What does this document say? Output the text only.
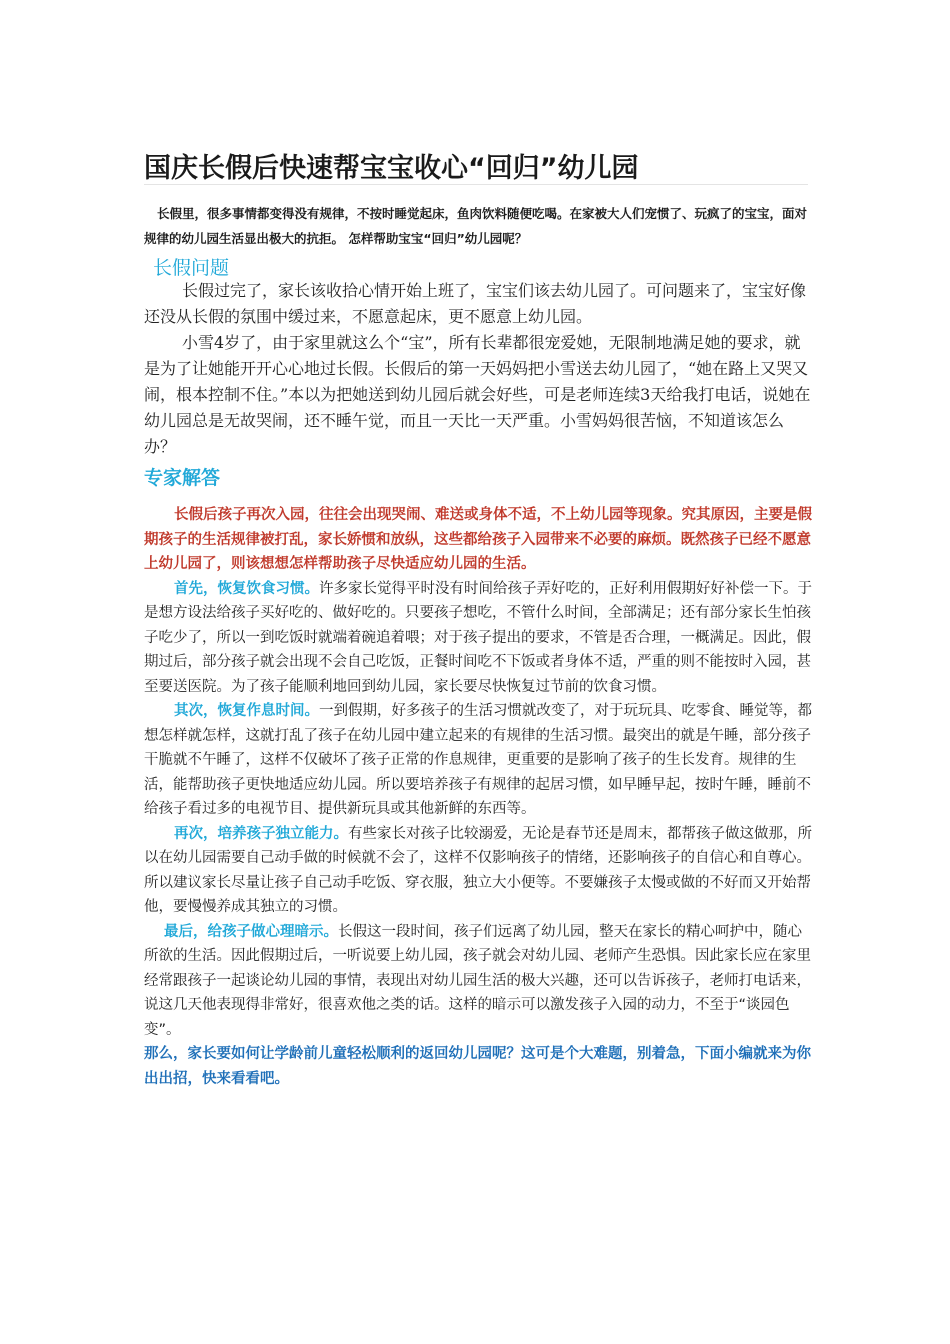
国庆长假后快速帮宝宝收心“回归”幼儿园

长假里，很多事情都变得没有规律，不按时睡觉起床，鱼肉饮料随便吃喝。在家被大人们宠惯了、玩疯了的宝宝，面对规律的幼儿园生活显出极大的抗拒。 怎样帮助宝宝“回归”幼儿园呢？

长假问题

长假过完了，家长该收拾心情开始上班了，宝宝们该去幼儿园了。可问题来了，宝宝好像还没从长假的氛围中缓过来，不愿意起床，更不愿意上幼儿园。

小雪4岁了，由于家里就这么个“宝”，所有长辈都很宠爱她，无限制地满足她的要求，就是为了让她能开开心心地过长假。长假后的第一天妈妈把小雪送去幼儿园了，“她在路上又哭又闹，根本控制不住。”本以为把她送到幼儿园后就会好些，可是老师连续3天给我打电话，说她在幼儿园总是无故哭闹，还不睡午觉，而且一天比一天严重。小雪妈妈很苦恼，不知道该怎么办？

专家解答

长假后孩子再次入园，往往会出现哭闹、难送或身体不适，不上幼儿园等现象。究其原因，主要是假期孩子的生活规律被打乱，家长娇惯和放纵，这些都给孩子入园带来不必要的麻烦。既然孩子已经不愿意上幼儿园了，则该想想怎样帮助孩子尽快适应幼儿园的生活。

首先，恢复饮食习惯。许多家长觉得平时没有时间给孩子弄好吃的，正好利用假期好好补偿一下。于是想方设法给孩子买好吃的、做好吃的。只要孩子想吃，不管什么时间，全部满足；还有部分家长生怕孩子吃少了，所以一到吃饭时就端着碗追着喂；对于孩子提出的要求，不管是否合理，一概满足。因此，假期过后，部分孩子就会出现不会自己吃饭，正餐时间吃不下饭或者身体不适，严重的则不能按时入园，甚至要送医院。为了孩子能顺利地回到幼儿园，家长要尽快恢复过节前的饮食习惯。

其次，恢复作息时间。一到假期，好多孩子的生活习惯就改变了，对于玩玩具、吃零食、睡觉等，都想怎样就怎样，这就打乱了孩子在幼儿园中建立起来的有规律的生活习惯。最突出的就是午睡，部分孩子干脆就不午睡了，这样不仅破坏了孩子正常的作息规律，更重要的是影响了孩子的生长发育。规律的生活，能帮助孩子更快地适应幼儿园。所以要培养孩子有规律的起居习惯，如早睡早起，按时午睡，睡前不给孩子看过多的电视节目、提供新玩具或其他新鲜的东西等。

再次，培养孩子独立能力。有些家长对孩子比较溺爱，无论是春节还是周末，都帮孩子做这做那，所以在幼儿园需要自己动手做的时候就不会了，这样不仅影响孩子的情绪，还影响孩子的自信心和自尊心。所以建议家长尽量让孩子自己动手吃饭、穿衣服，独立大小便等。不要嫌孩子太慢或做的不好而又开始帮他，要慢慢养成其独立的习惯。

最后，给孩子做心理暗示。长假这一段时间，孩子们远离了幼儿园，整天在家长的精心呵护中，随心所欲的生活。因此假期过后，一听说要上幼儿园，孩子就会对幼儿园、老师产生恐惧。因此家长应在家里经常跟孩子一起谈论幼儿园的事情，表现出对幼儿园生活的极大兴趣，还可以告诉孩子，老师打电话来，说这几天他表现得非常好，很喜欢他之类的话。这样的暗示可以激发孩子入园的动力，不至于“谈园色变”。

那么，家长要如何让学龄前儿童轻松顺利的返回幼儿园呢？这可是个大难题，别着急，下面小编就来为你出出招，快来看看吧。
